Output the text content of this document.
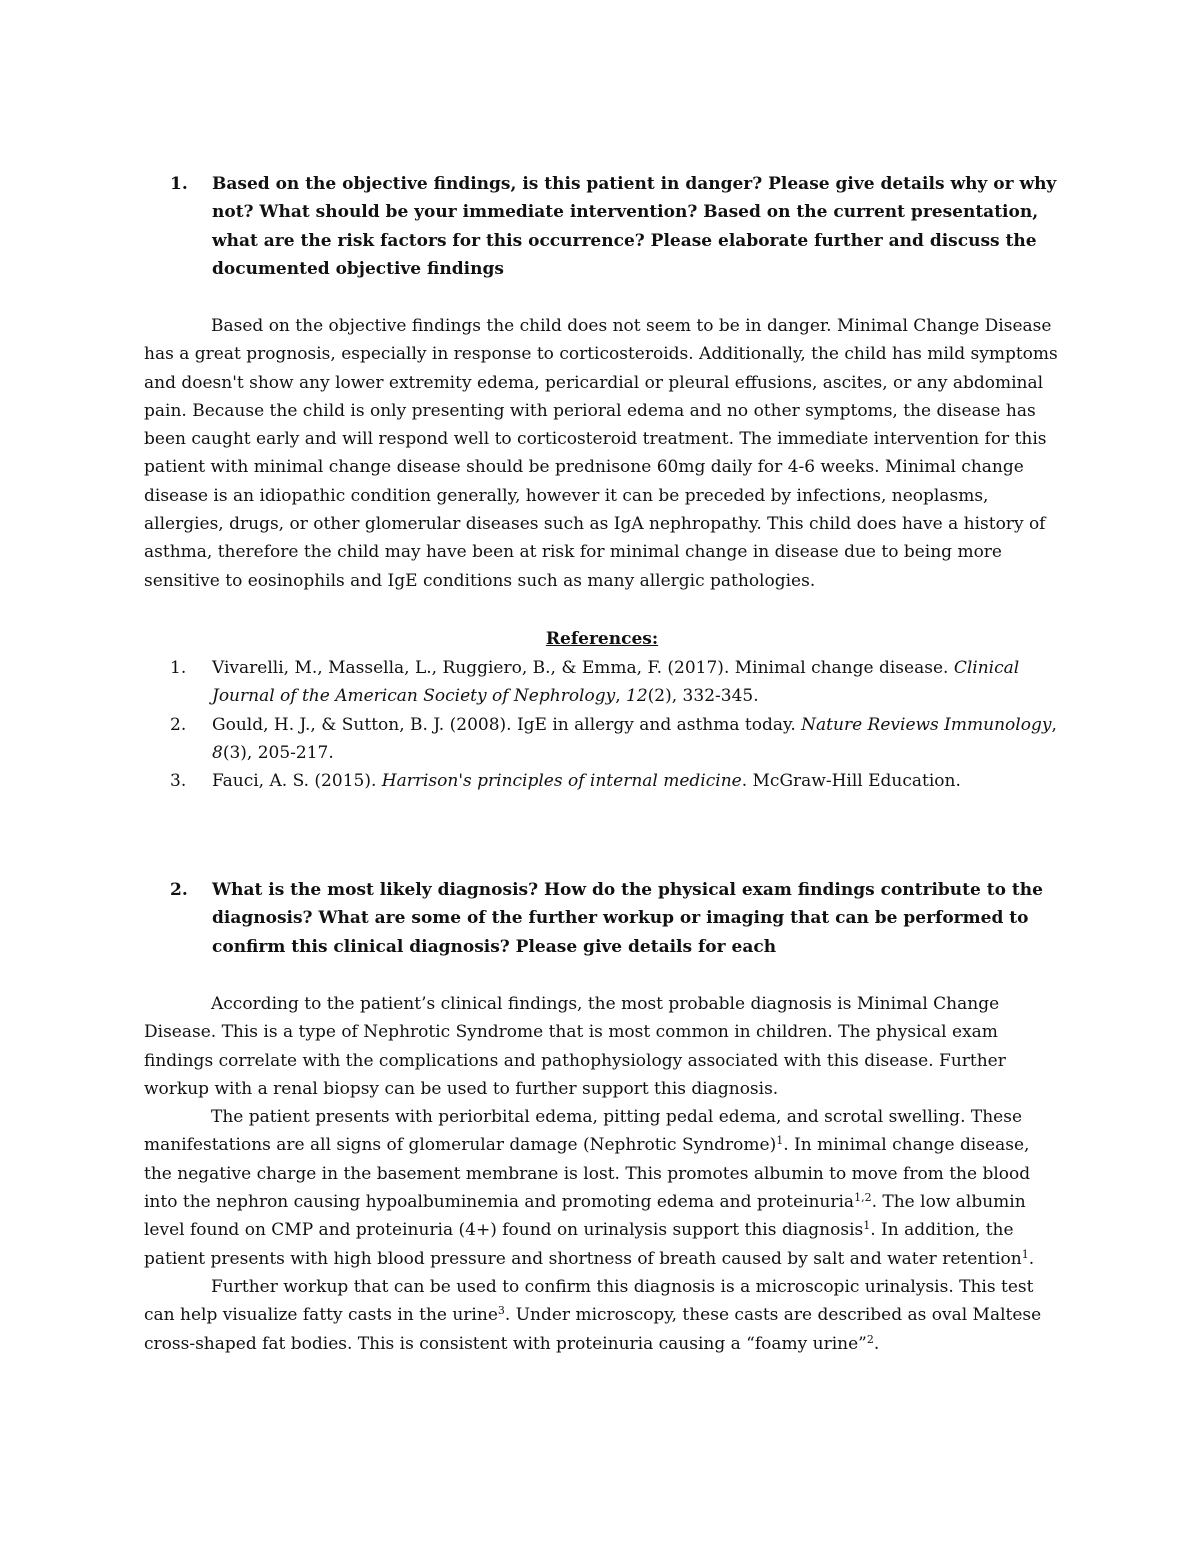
1. Based on the objective findings, is this patient in danger? Please give details why or why not? What should be your immediate intervention? Based on the current presentation, what are the risk factors for this occurrence? Please elaborate further and discuss the documented objective findings

Based on the objective findings the child does not seem to be in danger. Minimal Change Disease has a great prognosis, especially in response to corticosteroids. Additionally, the child has mild symptoms and doesn't show any lower extremity edema, pericardial or pleural effusions, ascites, or any abdominal pain. Because the child is only presenting with perioral edema and no other symptoms, the disease has been caught early and will respond well to corticosteroid treatment. The immediate intervention for this patient with minimal change disease should be prednisone 60mg daily for 4-6 weeks. Minimal change disease is an idiopathic condition generally, however it can be preceded by infections, neoplasms, allergies, drugs, or other glomerular diseases such as IgA nephropathy. This child does have a history of asthma, therefore the child may have been at risk for minimal change in disease due to being more sensitive to eosinophils and IgE conditions such as many allergic pathologies.

References:
1. Vivarelli, M., Massella, L., Ruggiero, B., & Emma, F. (2017). Minimal change disease. Clinical Journal of the American Society of Nephrology, 12(2), 332-345.
2. Gould, H. J., & Sutton, B. J. (2008). IgE in allergy and asthma today. Nature Reviews Immunology, 8(3), 205-217.
3. Fauci, A. S. (2015). Harrison's principles of internal medicine. McGraw-Hill Education.
2. What is the most likely diagnosis? How do the physical exam findings contribute to the diagnosis? What are some of the further workup or imaging that can be performed to confirm this clinical diagnosis? Please give details for each

According to the patient’s clinical findings, the most probable diagnosis is Minimal Change Disease. This is a type of Nephrotic Syndrome that is most common in children. The physical exam findings correlate with the complications and pathophysiology associated with this disease. Further workup with a renal biopsy can be used to further support this diagnosis.

The patient presents with periorbital edema, pitting pedal edema, and scrotal swelling. These manifestations are all signs of glomerular damage (Nephrotic Syndrome)$^1$. In minimal change disease, the negative charge in the basement membrane is lost. This promotes albumin to move from the blood into the nephron causing hypoalbuminemia and promoting edema and proteinuria$^{1,2}$. The low albumin level found on CMP and proteinuria (4+) found on urinalysis support this diagnosis$^1$. In addition, the patient presents with high blood pressure and shortness of breath caused by salt and water retention$^1$.

Further workup that can be used to confirm this diagnosis is a microscopic urinalysis. This test can help visualize fatty casts in the urine$^3$. Under microscopy, these casts are described as oval Maltese cross-shaped fat bodies. This is consistent with proteinuria causing a “foamy urine”$^2$.
